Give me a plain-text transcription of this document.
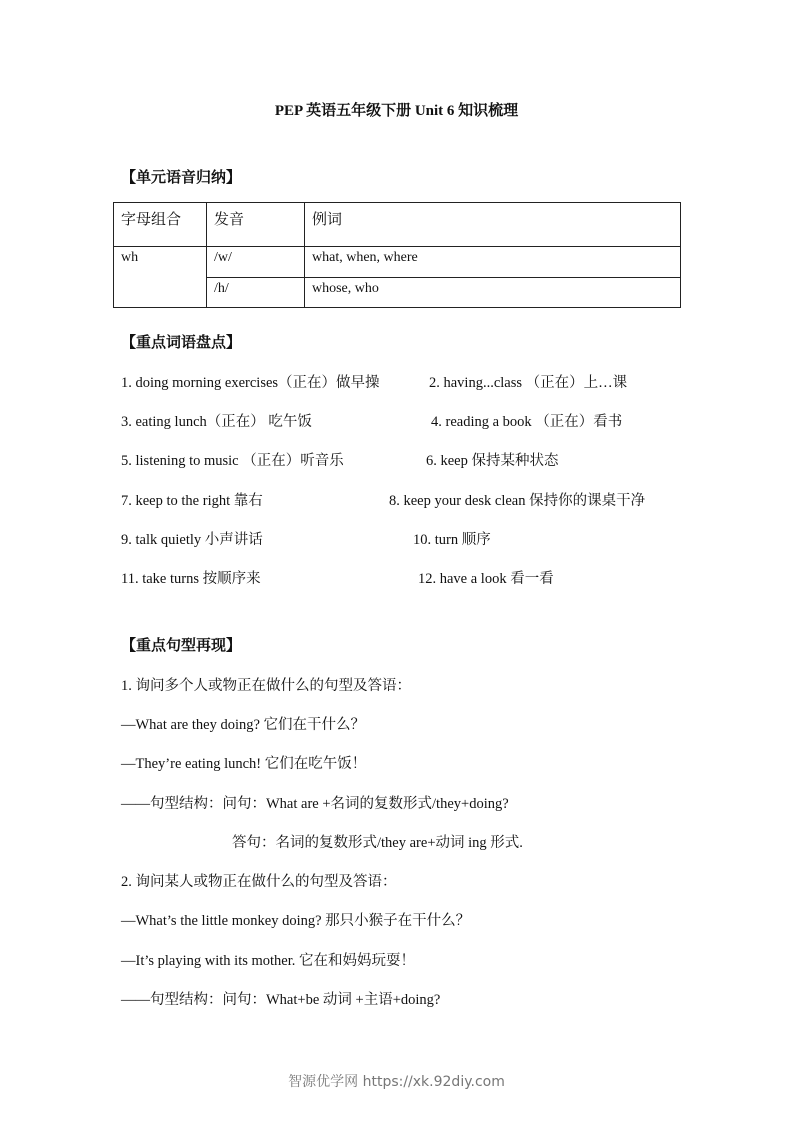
PEP 英语五年级下册 Unit 6 知识梳理
【单元语音归纳】
字母组合	发音	例词
wh	/w/	what, when, where
	/h/	whose, who
【重点词语盘点】
1. doing morning exercises（正在）做早操	2. having...class （正在）上…课
3. eating lunch（正在） 吃午饭	4. reading a book （正在）看书
5. listening to music （正在）听音乐	6. keep 保持某种状态
7. keep to the right 靠右	8. keep your desk clean 保持你的课桌干净
9. talk quietly 小声讲话	10. turn 顺序
11. take turns 按顺序来	12. have a look 看一看
【重点句型再现】
1. 询问多个人或物正在做什么的句型及答语：
—What are they doing? 它们在干什么？
—They’re eating lunch! 它们在吃午饭！
——句型结构：问句：What are +名词的复数形式/they+doing?
答句：名词的复数形式/they are+动词 ing 形式.
2. 询问某人或物正在做什么的句型及答语：
—What’s the little monkey doing? 那只小猴子在干什么？
—It’s playing with its mother. 它在和妈妈玩耍！
——句型结构：问句：What+be 动词 +主语+doing?
智源优学网 https://xk.92diy.com
